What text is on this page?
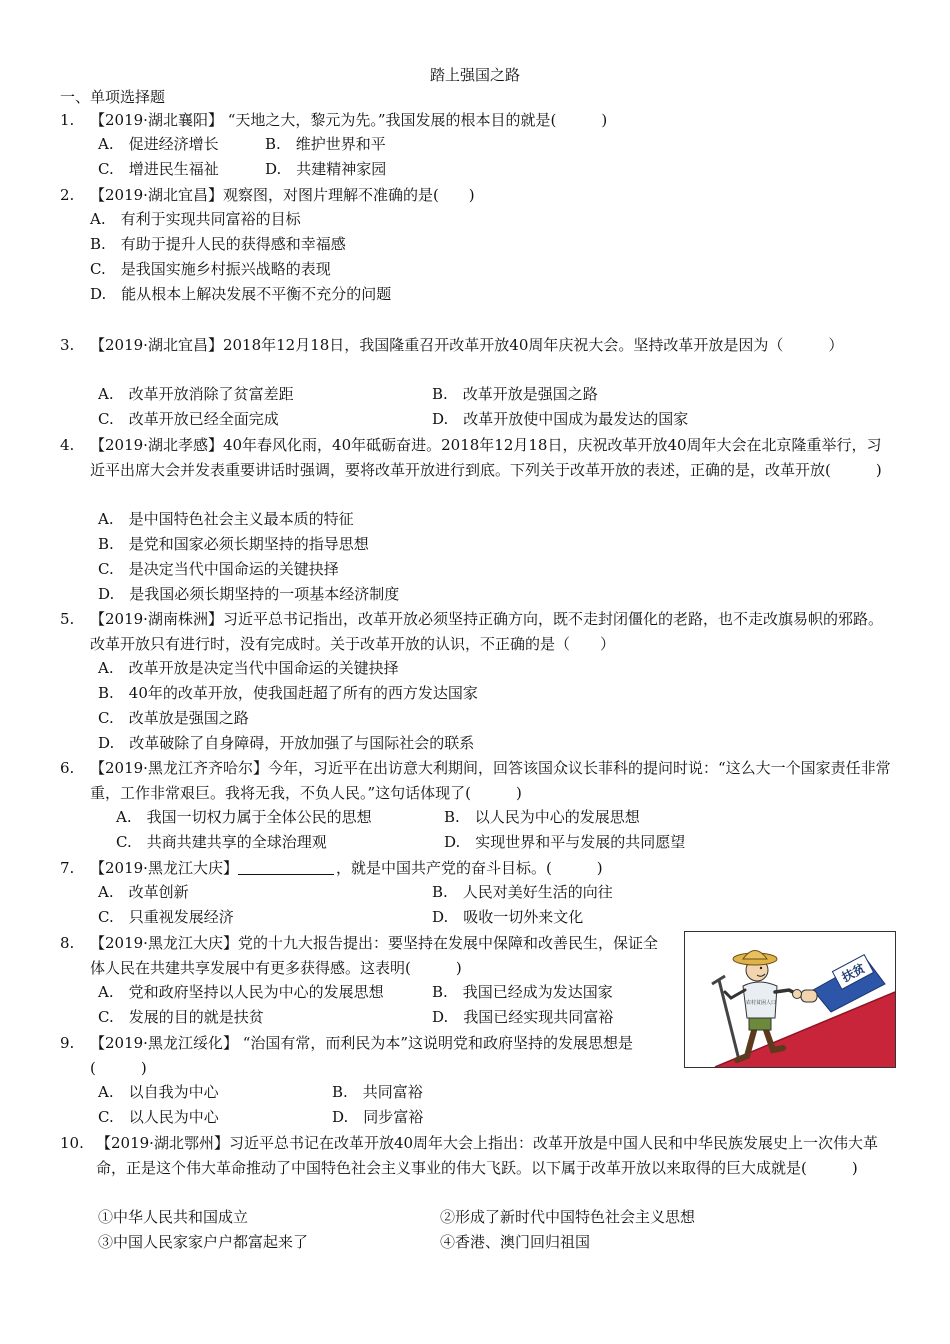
踏上强国之路
一、单项选择题
1. 【2019·湖北襄阳】 “天地之大，黎元为先。”我国发展的根本目的就是(　　　)
A.　促进经济增长	B.　维护世界和平
C.　增进民生福祉	D.　共建精神家园
2. 【2019·湖北宜昌】观察图，对图片理解不准确的是(　　)
A.　有利于实现共同富裕的目标
B.　有助于提升人民的获得感和幸福感
C.　是我国实施乡村振兴战略的表现
D.　能从根本上解决发展不平衡不充分的问题
3. 【2019·湖北宜昌】2018年12月18日，我国隆重召开改革开放40周年庆祝大会。坚持改革开放是因为（　　　）
A.　改革开放消除了贫富差距	B.　改革开放是强国之路
C.　改革开放已经全面完成	D.　改革开放使中国成为最发达的国家
4. 【2019·湖北孝感】40年春风化雨，40年砥砺奋进。2018年12月18日，庆祝改革开放40周年大会在北京隆重举行，习近平出席大会并发表重要讲话时强调，要将改革开放进行到底。下列关于改革开放的表述，正确的是，改革开放(　　　)
A.　是中国特色社会主义最本质的特征
B.　是党和国家必须长期坚持的指导思想
C.　是决定当代中国命运的关键抉择
D.　是我国必须长期坚持的一项基本经济制度
5. 【2019·湖南株洲】习近平总书记指出，改革开放必须坚持正确方向，既不走封闭僵化的老路，也不走改旗易帜的邪路。改革开放只有进行时，没有完成时。关于改革开放的认识，不正确的是（　　）
A.　改革开放是决定当代中国命运的关键抉择
B.　40年的改革开放，使我国赶超了所有的西方发达国家
C.　改革放是强国之路
D.　改革破除了自身障碍，开放加强了与国际社会的联系
6. 【2019·黑龙江齐齐哈尔】今年，习近平在出访意大利期间，回答该国众议长菲科的提问时说：“这么大一个国家责任非常重，工作非常艰巨。我将无我，不负人民。”这句话体现了(　　　)
A.　我国一切权力属于全体公民的思想	B.　以人民为中心的发展思想
C.　共商共建共享的全球治理观	D.　实现世界和平与发展的共同愿望
7. 【2019·黑龙江大庆】	，就是中国共产党的奋斗目标。(　　　)
A.　改革创新	B.　人民对美好生活的向往
C.　只重视发展经济	D.　吸收一切外来文化
8. 【2019·黑龙江大庆】党的十九大报告提出：要坚持在发展中保障和改善民生，保证全体人民在共建共享发展中有更多获得感。这表明(　　　)
A.　党和政府坚持以人民为中心的发展思想	B.　我国已经成为发达国家
C.　发展的目的就是扶贫	D.　我国已经实现共同富裕
9. 【2019·黑龙江绥化】 “治国有常，而利民为本”这说明党和政府坚持的发展思想是(　　　)
A.　以自我为中心	B.　共同富裕
C.　以人民为中心	D.　同步富裕
10. 【2019·湖北鄂州】习近平总书记在改革开放40周年大会上指出：改革开放是中国人民和中华民族发展史上一次伟大革命，正是这个伟大革命推动了中国特色社会主义事业的伟大飞跃。以下属于改革开放以来取得的巨大成就是(　　　)
①中华人民共和国成立	②形成了新时代中国特色社会主义思想
③中国人民家家户户都富起来了	④香港、澳门回归祖国
农村贫困人口
扶贫
